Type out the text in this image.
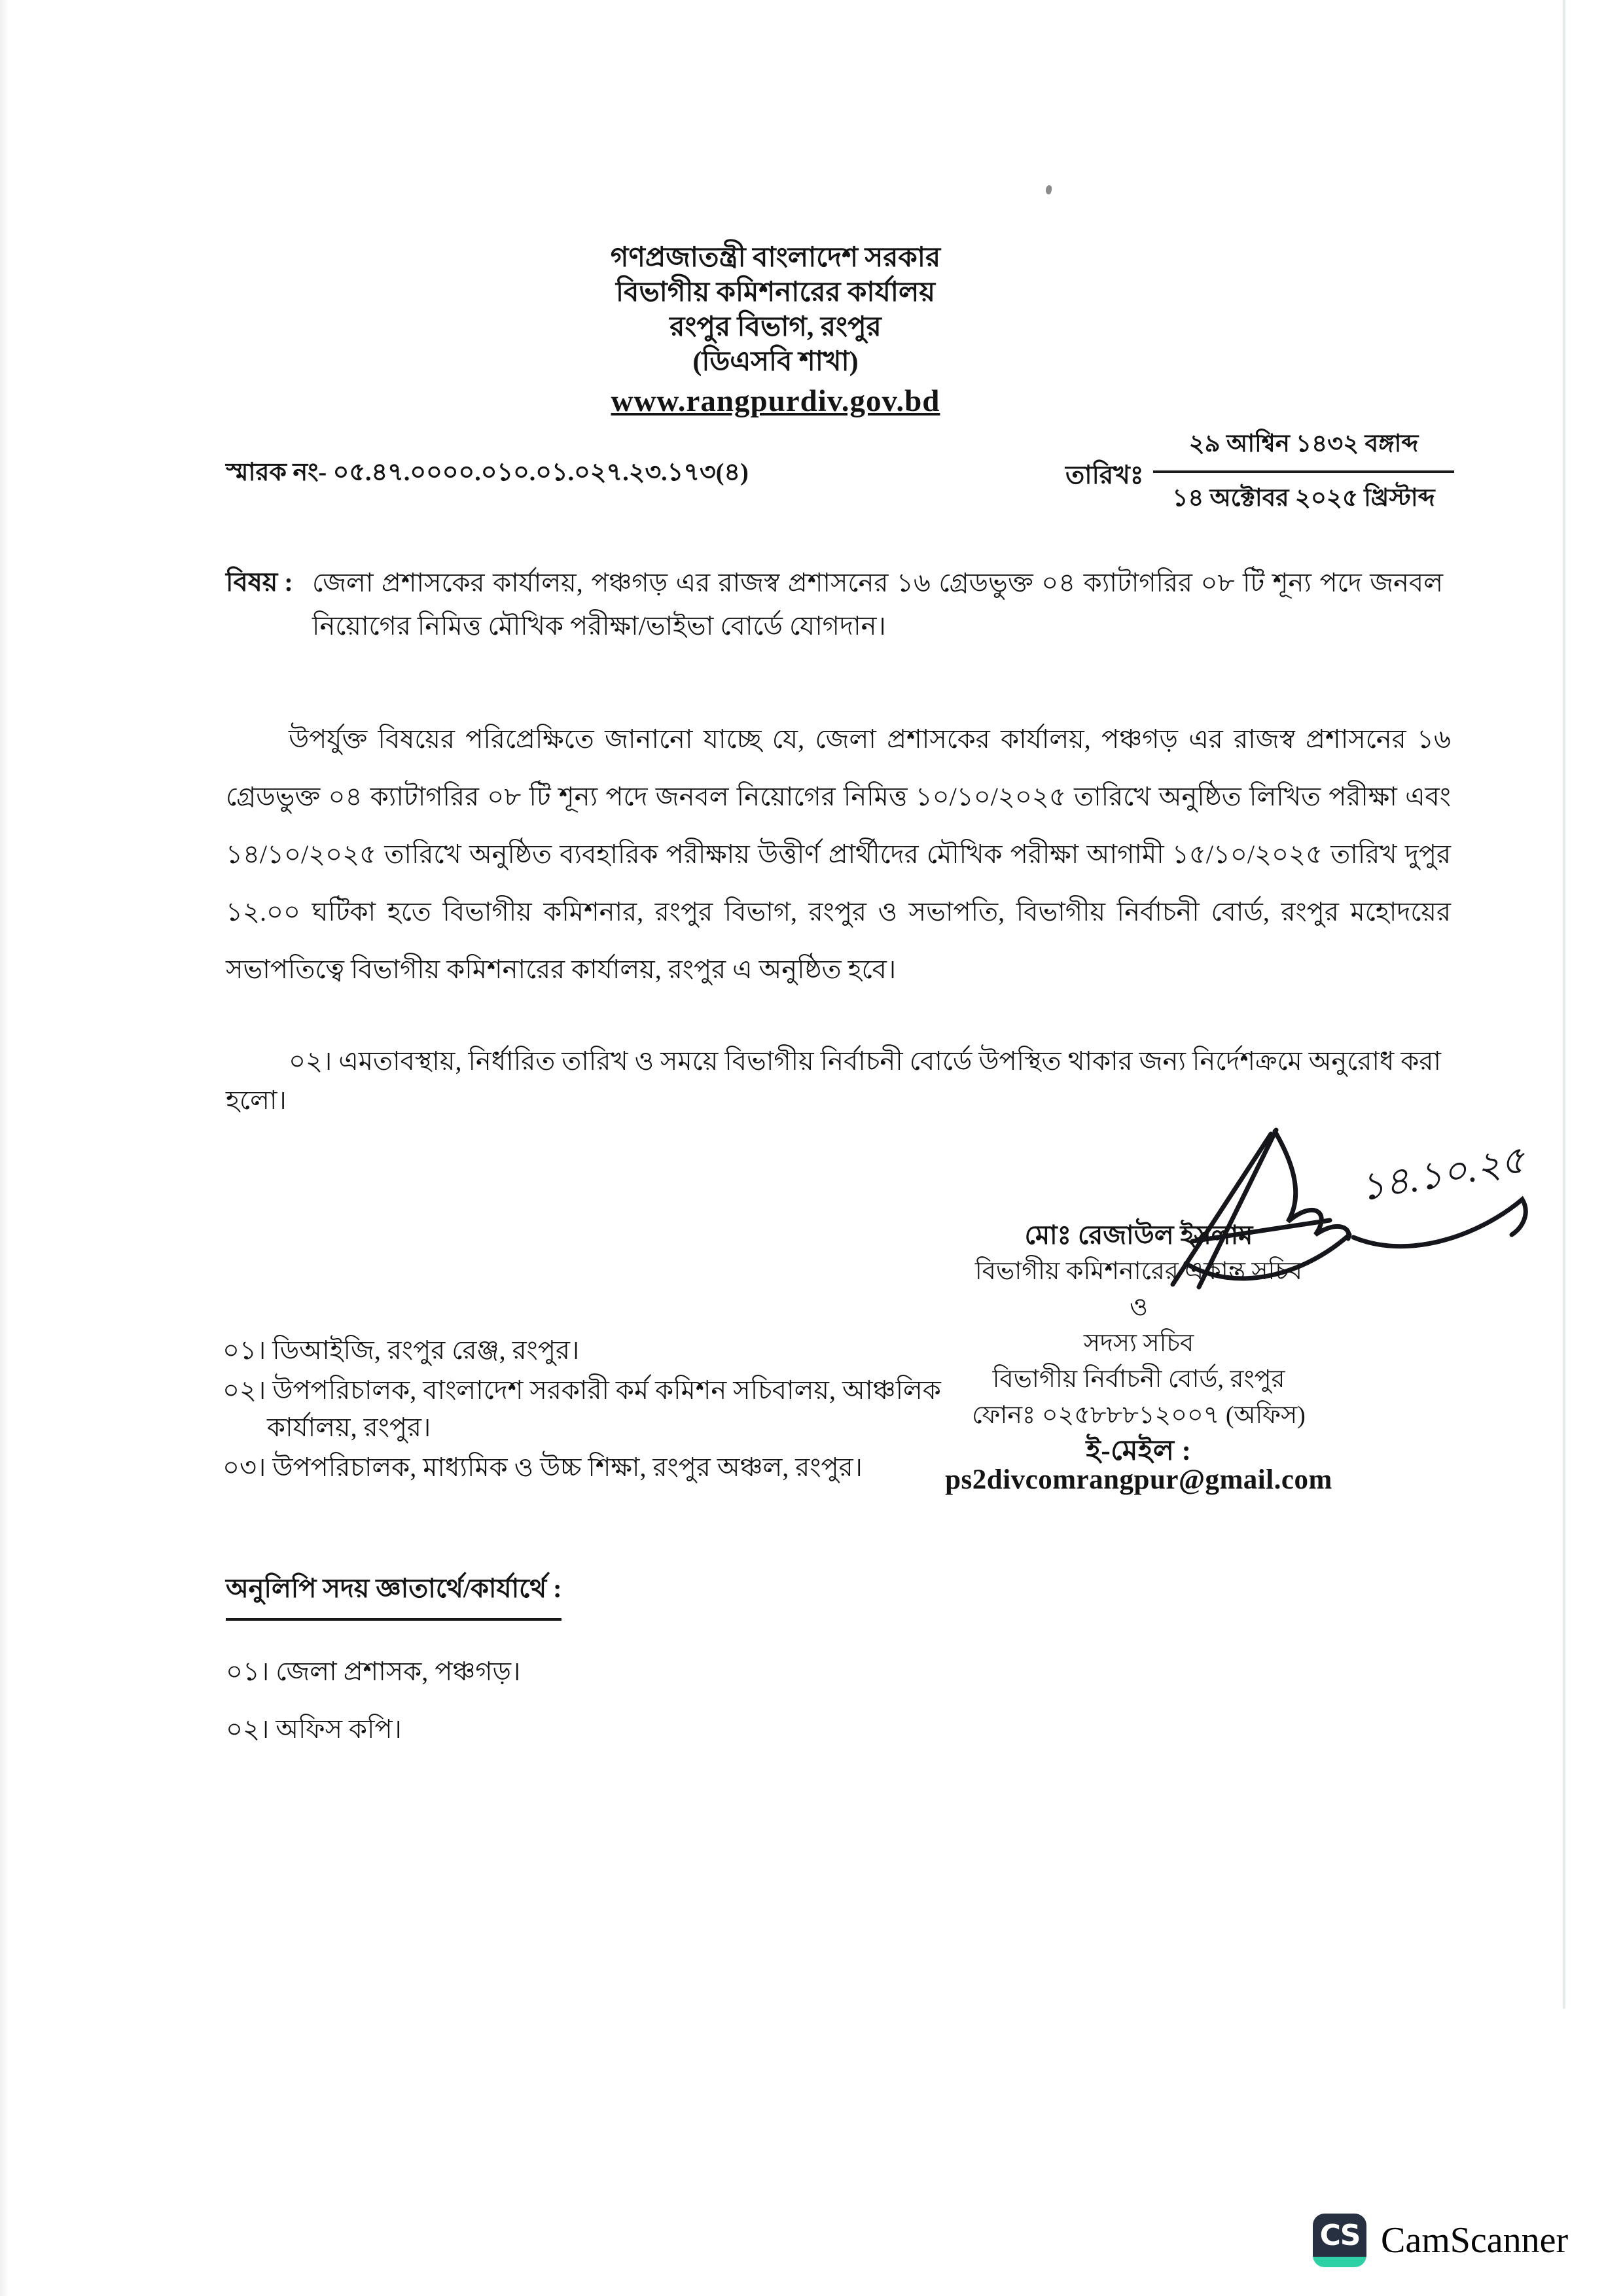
গণপ্রজাতন্ত্রী বাংলাদেশ সরকার
বিভাগীয় কমিশনারের কার্যালয়
রংপুর বিভাগ, রংপুর
(ডিএসবি শাখা)
www.rangpurdiv.gov.bd
স্মারক নং- ০৫.৪৭.০০০০.০১০.০১.০২৭.২৩.১৭৩(৪)	তারিখঃ
২৯ আশ্বিন ১৪৩২ বঙ্গাব্দ
১৪ অক্টোবর ২০২৫ খ্রিস্টাব্দ
বিষয় : জেলা প্রশাসকের কার্যালয়, পঞ্চগড় এর রাজস্ব প্রশাসনের ১৬ গ্রেডভুক্ত ০৪ ক্যাটাগরির ০৮ টি শূন্য পদে জনবল নিয়োগের নিমিত্ত মৌখিক পরীক্ষা/ভাইভা বোর্ডে যোগদান।
উপর্যুক্ত বিষয়ের পরিপ্রেক্ষিতে জানানো যাচ্ছে যে, জেলা প্রশাসকের কার্যালয়, পঞ্চগড় এর রাজস্ব প্রশাসনের ১৬ গ্রেডভুক্ত ০৪ ক্যাটাগরির ০৮ টি শূন্য পদে জনবল নিয়োগের নিমিত্ত ১০/১০/২০২৫ তারিখে অনুষ্ঠিত লিখিত পরীক্ষা এবং ১৪/১০/২০২৫ তারিখে অনুষ্ঠিত ব্যবহারিক পরীক্ষায় উত্তীর্ণ প্রার্থীদের মৌখিক পরীক্ষা আগামী ১৫/১০/২০২৫ তারিখ দুপুর ১২.০০ ঘটিকা হতে বিভাগীয় কমিশনার, রংপুর বিভাগ, রংপুর ও সভাপতি, বিভাগীয় নির্বাচনী বোর্ড, রংপুর মহোদয়ের সভাপতিত্বে বিভাগীয় কমিশনারের কার্যালয়, রংপুর এ অনুষ্ঠিত হবে।
০২। এমতাবস্থায়, নির্ধারিত তারিখ ও সময়ে বিভাগীয় নির্বাচনী বোর্ডে উপস্থিত থাকার জন্য নির্দেশক্রমে অনুরোধ করা হলো।
১৪.১০.২৫
মোঃ রেজাউল ইসলাম
বিভাগীয় কমিশনারের একান্ত সচিব
ও
সদস্য সচিব
বিভাগীয় নির্বাচনী বোর্ড, রংপুর
ফোনঃ ০২৫৮৮৮১২০০৭ (অফিস)
ই-মেইল : ps2divcomrangpur@gmail.com
০১। ডিআইজি, রংপুর রেঞ্জ, রংপুর।
০২। উপপরিচালক, বাংলাদেশ সরকারী কর্ম কমিশন সচিবালয়, আঞ্চলিক কার্যালয়, রংপুর।
০৩। উপপরিচালক, মাধ্যমিক ও উচ্চ শিক্ষা, রংপুর অঞ্চল, রংপুর।
অনুলিপি সদয় জ্ঞাতার্থে/কার্যার্থে :
০১। জেলা প্রশাসক, পঞ্চগড়।
০২। অফিস কপি।
CS CamScanner
